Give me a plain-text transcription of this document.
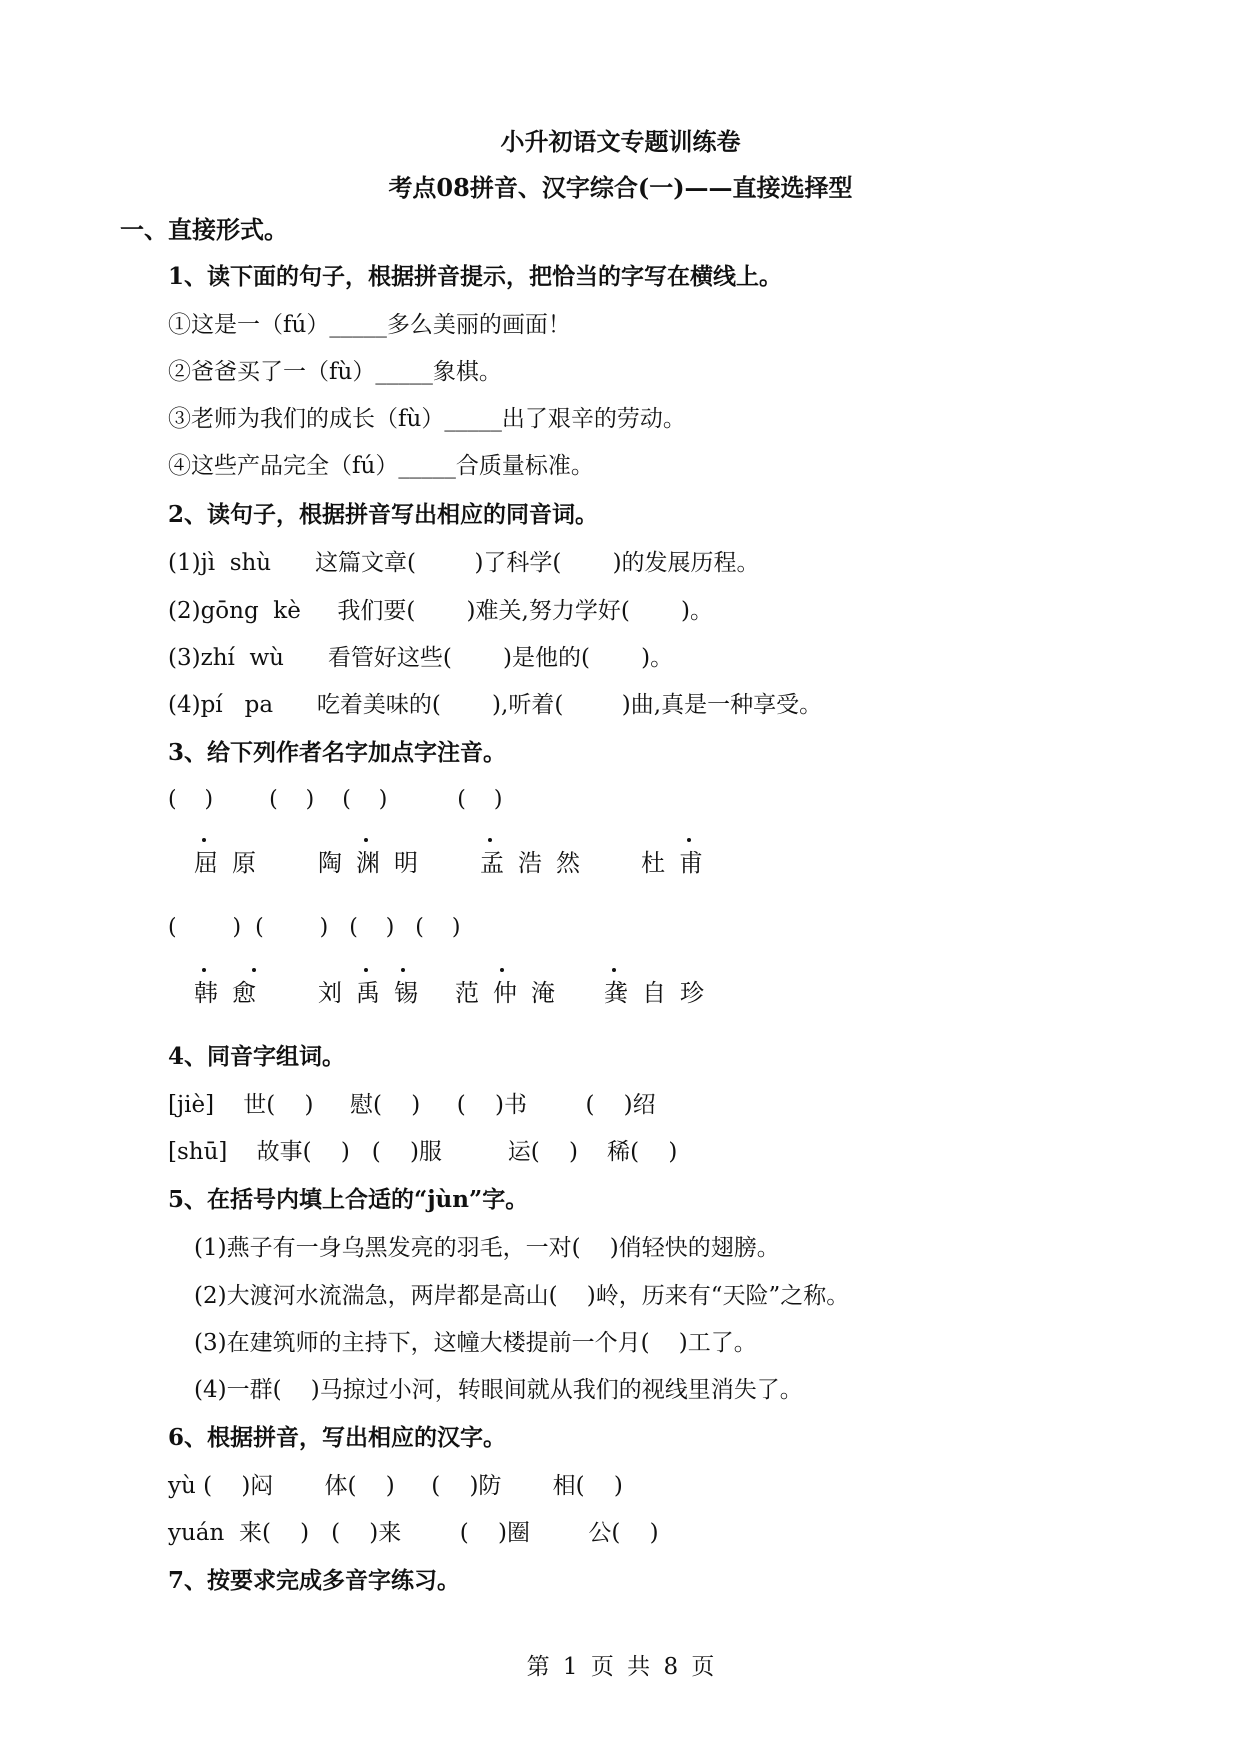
小升初语文专题训练卷
考点08拼音、汉字综合(一)——直接选择型
一、直接形式。
1、读下面的句子，根据拼音提示，把恰当的字写在横线上。
①这是一（fú）_____多么美丽的画面！
②爸爸买了一（fù）_____象棋。
③老师为我们的成长（fù）_____出了艰辛的劳动。
④这些产品完全（fú）_____合质量标准。
2、读句子，根据拼音写出相应的同音词。
(1)jì  shù      这篇文章(        )了科学(       )的发展历程。
(2)gōng  kè     我们要(       )难关,努力学好(       )。
(3)zhí  wù      看管好这些(       )是他的(       )。
(4)pí   pa      吃着美味的(       ),听着(        )曲,真是一种享受。
3、给下列作者名字加点字注音。
(    )        (    )    (    )          (    )
屈原 陶渊明 孟浩然 杜甫
(        )  (        )   (    )   (    )
韩愈 刘禹锡 范仲淹 龚自珍
4、同音字组词。
[jiè]    世(    )     慰(    )     (    )书        (    )绍
[shū]    故事(    )   (    )服         运(    )    稀(    )
5、在括号内填上合适的“jùn”字。
(1)燕子有一身乌黑发亮的羽毛，一对(    )俏轻快的翅膀。
(2)大渡河水流湍急，两岸都是高山(    )岭，历来有“天险”之称。
(3)在建筑师的主持下，这幢大楼提前一个月(    )工了。
(4)一群(    )马掠过小河，转眼间就从我们的视线里消失了。
6、根据拼音，写出相应的汉字。
yù (    )闷       体(    )     (    )防       相(    )
yuán  来(    )   (    )来        (    )圈        公(    )
7、按要求完成多音字练习。
第 1 页 共 8 页
